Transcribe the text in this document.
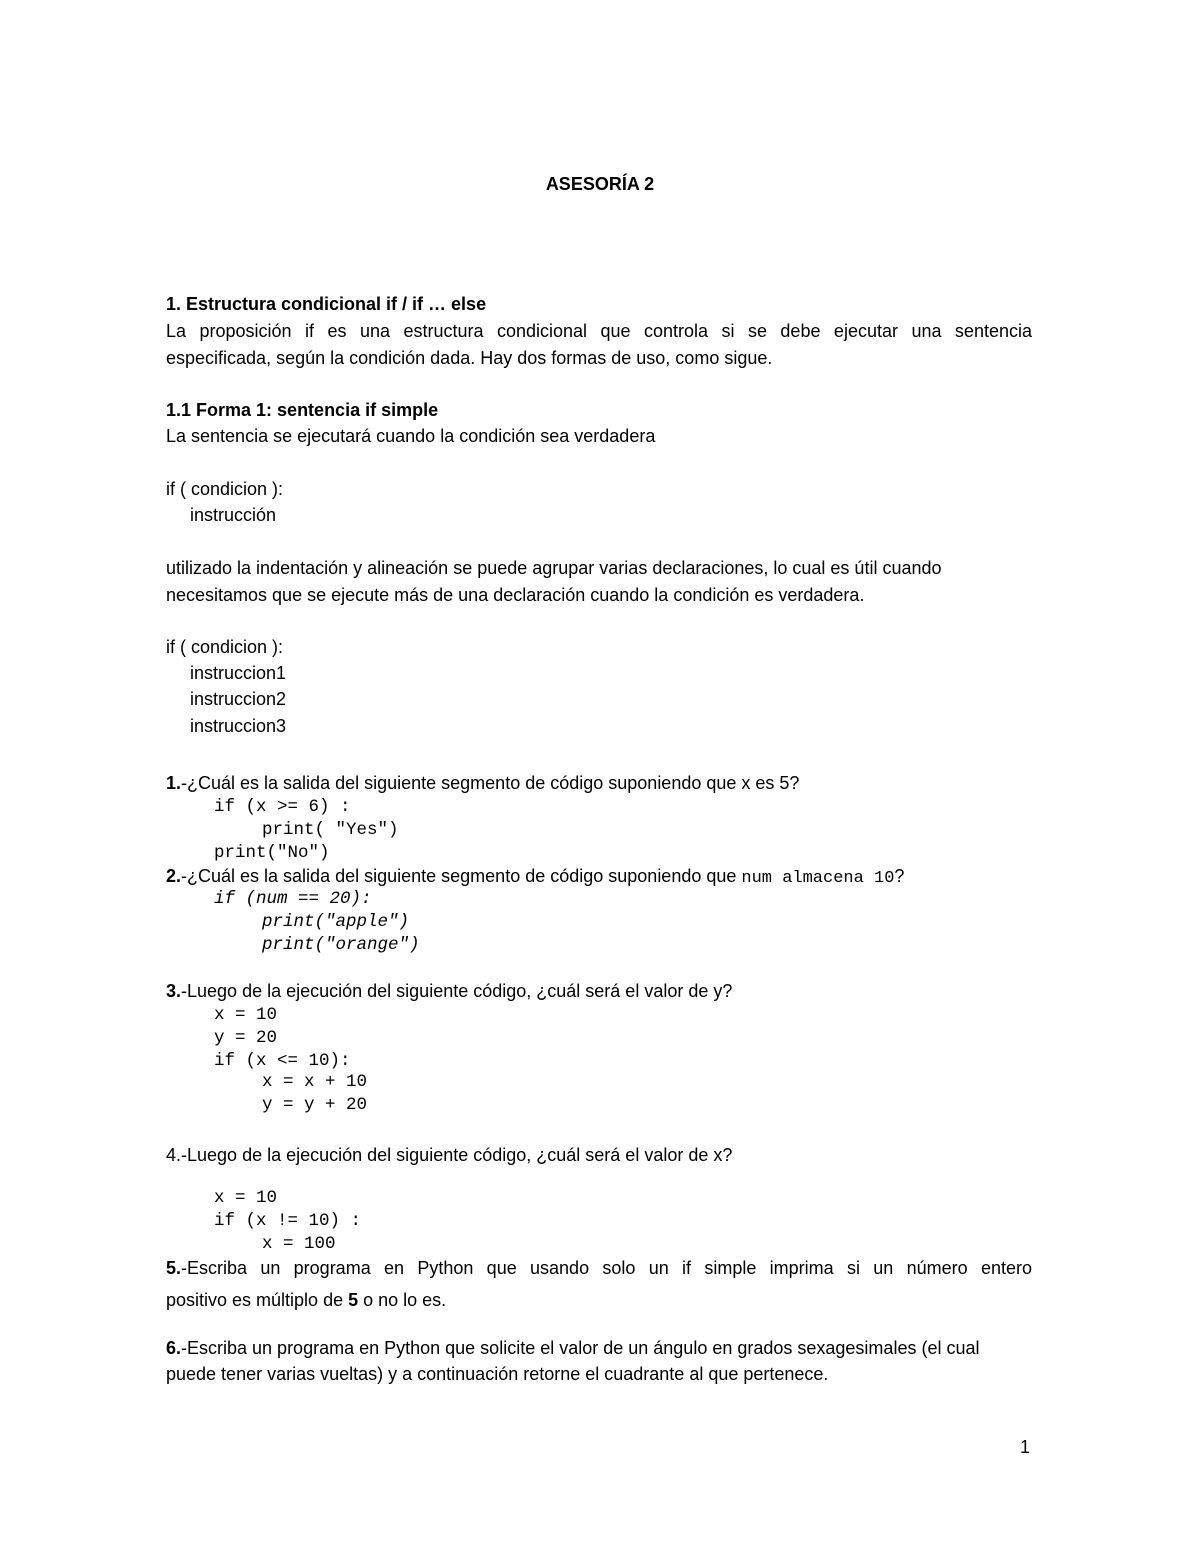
ASESORÍA 2
1. Estructura condicional if / if … else
La proposición if es una estructura condicional que controla si se debe ejecutar una sentencia
especificada, según la condición dada. Hay dos formas de uso, como sigue.
1.1 Forma 1: sentencia if simple
La sentencia se ejecutará cuando la condición sea verdadera
if ( condicion ):
instrucción
utilizado la indentación y alineación se puede agrupar varias declaraciones, lo cual es útil cuando
necesitamos que se ejecute más de una declaración cuando la condición es verdadera.
if ( condicion ):
instruccion1
instruccion2
instruccion3
1.-¿Cuál es la salida del siguiente segmento de código suponiendo que x es 5?
if (x >= 6) :
print( "Yes")
print("No")
2.-¿Cuál es la salida del siguiente segmento de código suponiendo que num almacena 10?
if (num == 20):
print("apple")
print("orange")
3.-Luego de la ejecución del siguiente código, ¿cuál será el valor de y?
x = 10
y = 20
if (x <= 10):
x = x + 10
y = y + 20
4.-Luego de la ejecución del siguiente código, ¿cuál será el valor de x?
x = 10
if (x != 10) :
x = 100
5.-Escriba un programa en Python que usando solo un if simple imprima si un número entero
positivo es múltiplo de 5 o no lo es.
6.-Escriba un programa en Python que solicite el valor de un ángulo en grados sexagesimales (el cual
puede tener varias vueltas) y a continuación retorne el cuadrante al que pertenece.
1
